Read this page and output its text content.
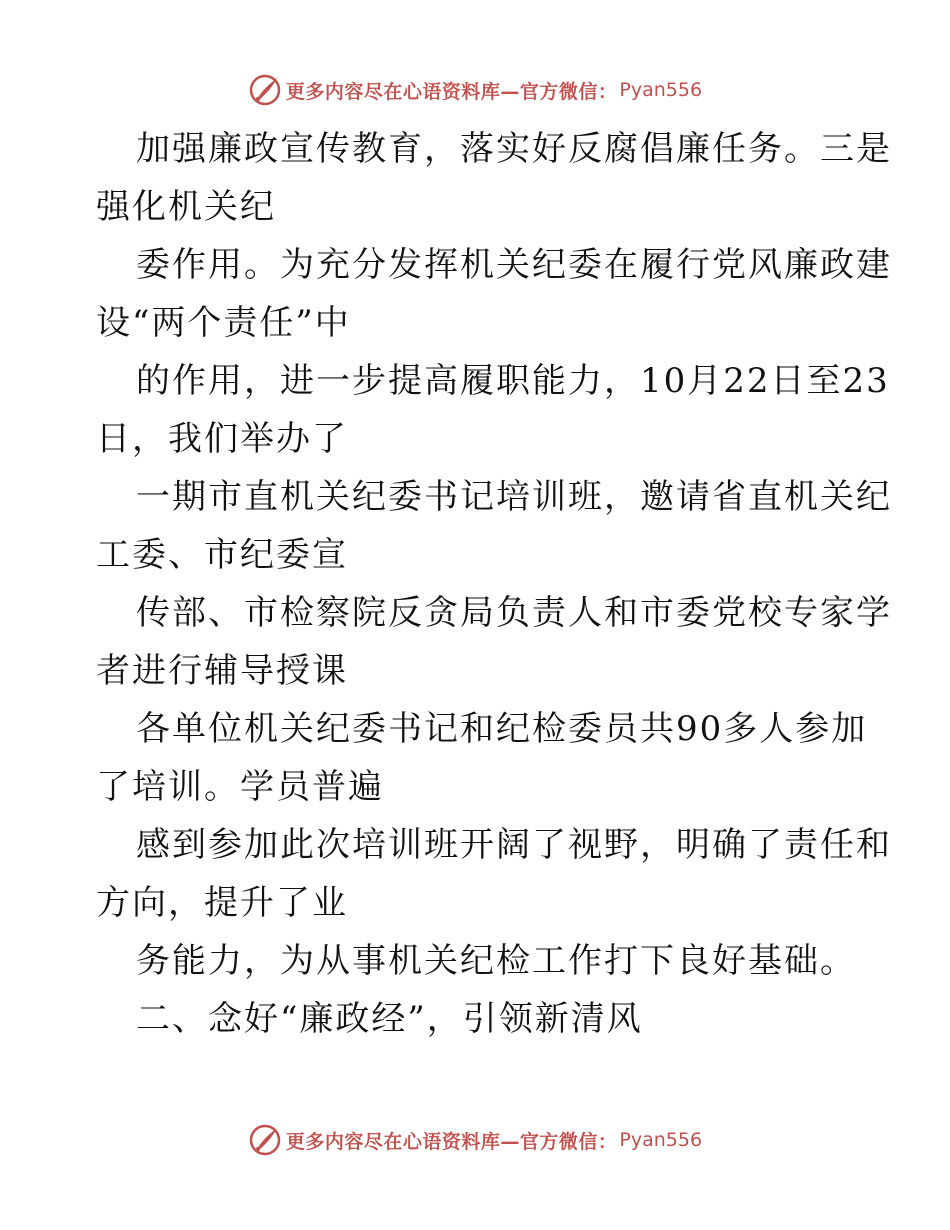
更多内容尽在心语资料库—官方微信： Pyan556
加强廉政宣传教育，落实好反腐倡廉任务。三是
强化机关纪
委作用。为充分发挥机关纪委在履行党风廉政建
设“两个责任”中
的作用，进一步提高履职能力，10月22日至23
日，我们举办了
一期市直机关纪委书记培训班，邀请省直机关纪
工委、市纪委宣
传部、市检察院反贪局负责人和市委党校专家学
者进行辅导授课
各单位机关纪委书记和纪检委员共90多人参加
了培训。学员普遍
感到参加此次培训班开阔了视野，明确了责任和
方向，提升了业
务能力，为从事机关纪检工作打下良好基础。
二、念好“廉政经”，引领新清风
更多内容尽在心语资料库—官方微信： Pyan556
